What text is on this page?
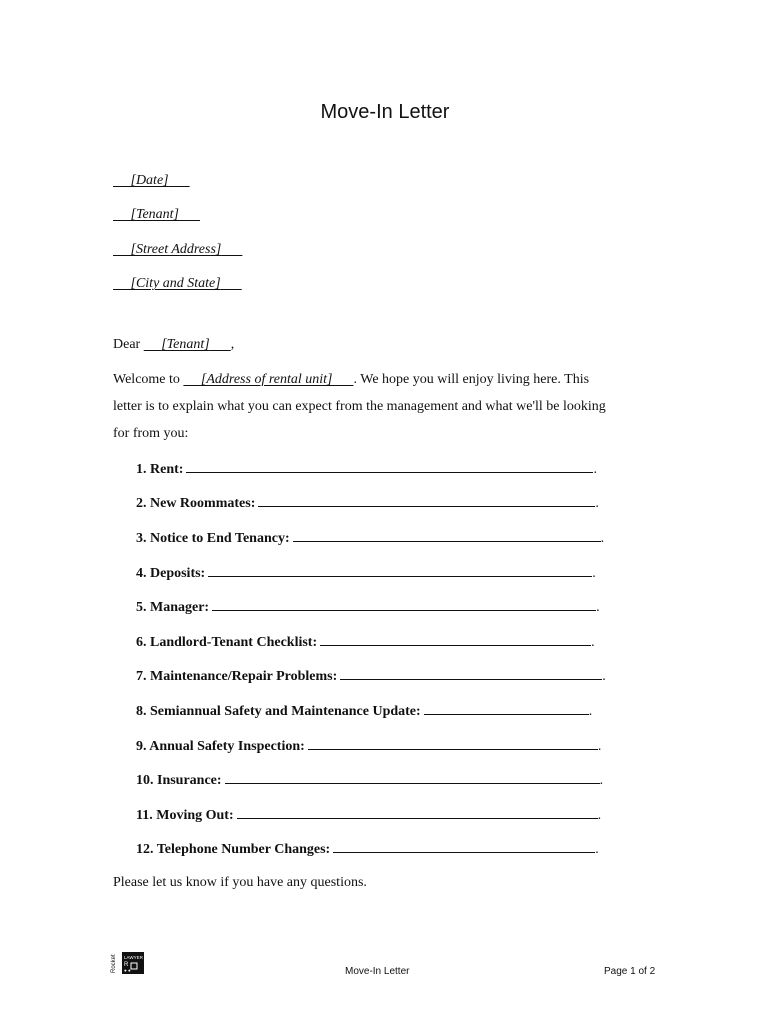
Move-In Letter
[Date]
[Tenant]
[Street Address]
[City and State]
Dear [Tenant] ,
Welcome to [Address of rental unit] . We hope you will enjoy living here. This
letter is to explain what you can expect from the management and what we'll be looking
for from you:
1. Rent:	.
2. New Roommates:	.
3. Notice to End Tenancy:	.
4. Deposits:	.
5. Manager:	.
6. Landlord-Tenant Checklist:	.
7. Maintenance/Repair Problems:	.
8. Semiannual Safety and Maintenance Update:	.
9. Annual Safety Inspection:	.
10. Insurance:	.
11. Moving Out:	.
12. Telephone Number Changes:	.
Please let us know if you have any questions.
Rocket LAWYER
R
● ●	Move-In Letter	Page 1 of 2
